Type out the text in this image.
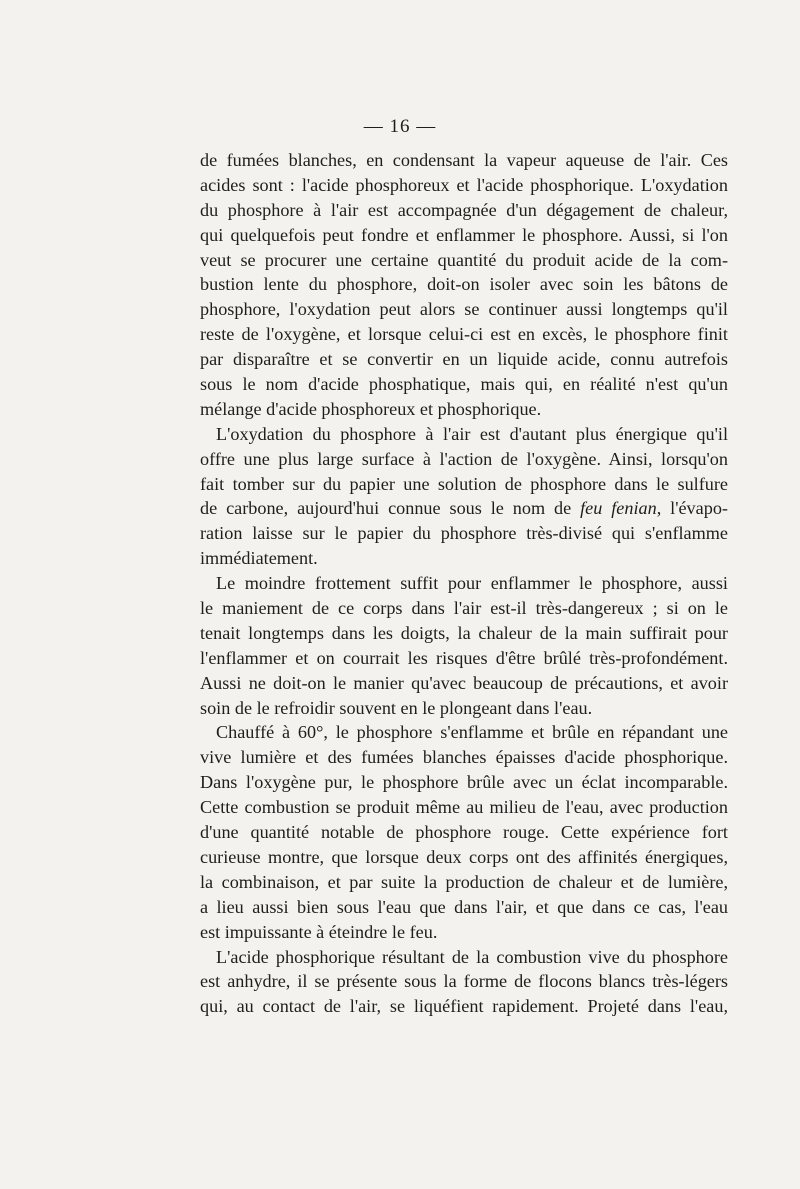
— 16 —
de fumées blanches, en condensant la vapeur aqueuse de l'air. Ces
acides sont : l'acide phosphoreux et l'acide phosphorique. L'oxydation
du phosphore à l'air est accompagnée d'un dégagement de chaleur,
qui quelquefois peut fondre et enflammer le phosphore. Aussi, si l'on
veut se procurer une certaine quantité du produit acide de la com-
bustion lente du phosphore, doit-on isoler avec soin les bâtons de
phosphore, l'oxydation peut alors se continuer aussi longtemps qu'il
reste de l'oxygène, et lorsque celui-ci est en excès, le phosphore finit
par disparaître et se convertir en un liquide acide, connu autrefois
sous le nom d'acide phosphatique, mais qui, en réalité n'est qu'un
mélange d'acide phosphoreux et phosphorique.
L'oxydation du phosphore à l'air est d'autant plus énergique qu'il
offre une plus large surface à l'action de l'oxygène. Ainsi, lorsqu'on
fait tomber sur du papier une solution de phosphore dans le sulfure
de carbone, aujourd'hui connue sous le nom de feu fenian, l'évapo-
ration laisse sur le papier du phosphore très-divisé qui s'enflamme
immédiatement.
Le moindre frottement suffit pour enflammer le phosphore, aussi
le maniement de ce corps dans l'air est-il très-dangereux ; si on le
tenait longtemps dans les doigts, la chaleur de la main suffirait pour
l'enflammer et on courrait les risques d'être brûlé très-profondément.
Aussi ne doit-on le manier qu'avec beaucoup de précautions, et avoir
soin de le refroidir souvent en le plongeant dans l'eau.
Chauffé à 60°, le phosphore s'enflamme et brûle en répandant une
vive lumière et des fumées blanches épaisses d'acide phosphorique.
Dans l'oxygène pur, le phosphore brûle avec un éclat incomparable.
Cette combustion se produit même au milieu de l'eau, avec production
d'une quantité notable de phosphore rouge. Cette expérience fort
curieuse montre, que lorsque deux corps ont des affinités énergiques,
la combinaison, et par suite la production de chaleur et de lumière,
a lieu aussi bien sous l'eau que dans l'air, et que dans ce cas, l'eau
est impuissante à éteindre le feu.
L'acide phosphorique résultant de la combustion vive du phosphore
est anhydre, il se présente sous la forme de flocons blancs très-légers
qui, au contact de l'air, se liquéfient rapidement. Projeté dans l'eau,
